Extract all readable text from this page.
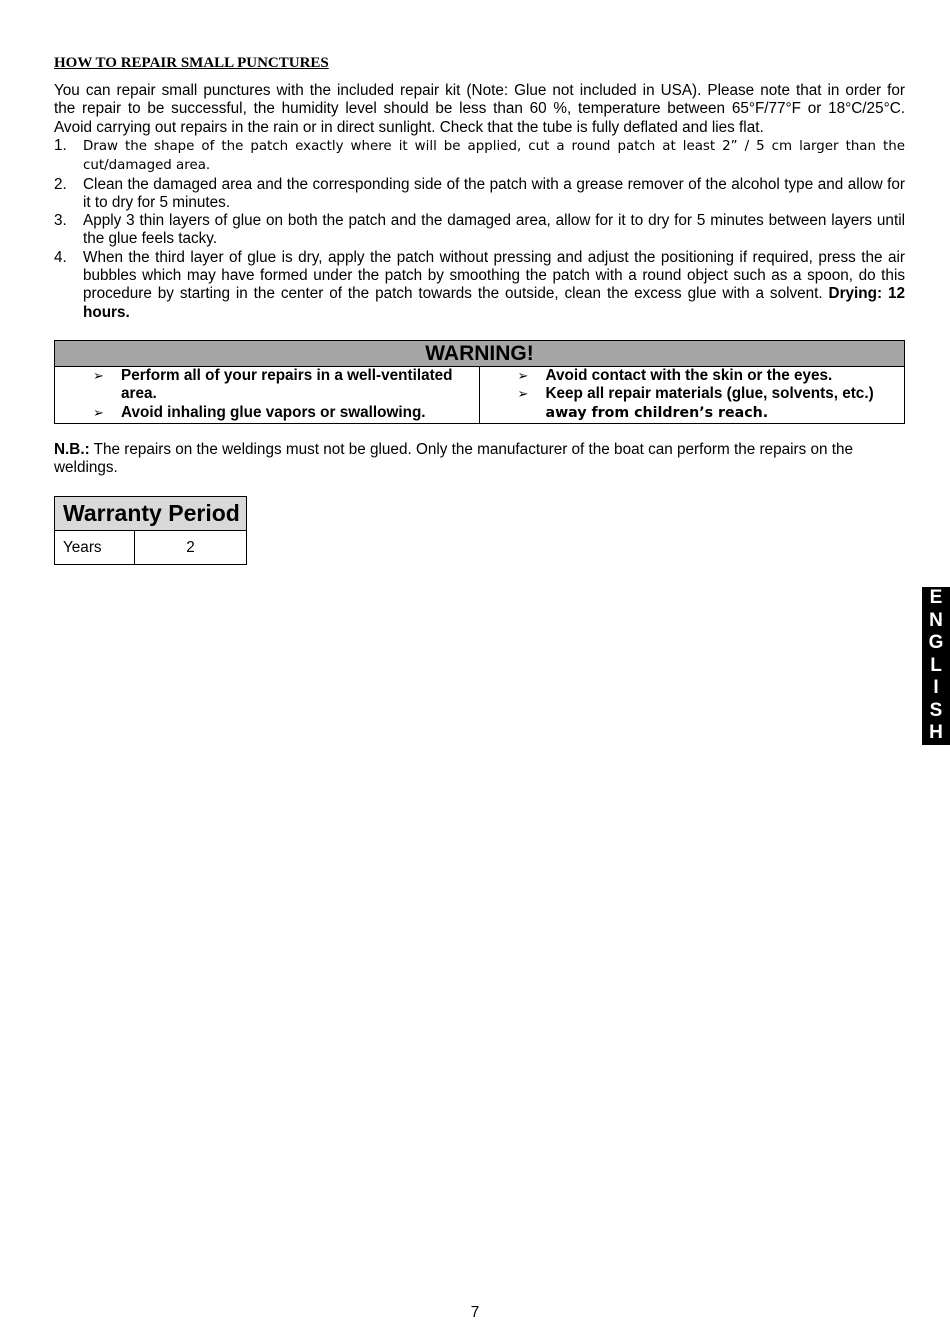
HOW TO REPAIR SMALL PUNCTURES

You can repair small punctures with the included repair kit (Note: Glue not included in USA). Please note that in order for
the repair to be successful, the humidity level should be less than 60 %, temperature between 65°F/77°F or 18°C/25°C.
Avoid carrying out repairs in the rain or in direct sunlight. Check that the tube is fully deflated and lies flat.

1. Draw the shape of the patch exactly where it will be applied, cut a round patch at least 2” / 5 cm larger than the cut/damaged area.
2. Clean the damaged area and the corresponding side of the patch with a grease remover of the alcohol type and allow for it to dry for 5 minutes.
3. Apply 3 thin layers of glue on both the patch and the damaged area, allow for it to dry for 5 minutes between layers until the glue feels tacky.
4. When the third layer of glue is dry, apply the patch without pressing and adjust the positioning if required, press the air bubbles which may have formed under the patch by smoothing the patch with a round object such as a spoon, do this procedure by starting in the center of the patch towards the outside, clean the excess glue with a solvent. Drying: 12 hours.
WARNING!
➢ Perform all of your repairs in a well-ventilated area.
➢ Avoid inhaling glue vapors or swallowing.
➢ Avoid contact with the skin or the eyes.
➢ Keep all repair materials (glue, solvents, etc.)
away from children’s reach.

N.B.: The repairs on the weldings must not be glued. Only the manufacturer of the boat can perform the repairs on the weldings.

Warranty Period
Years	2
E
N
G
L
I
S
H
7
